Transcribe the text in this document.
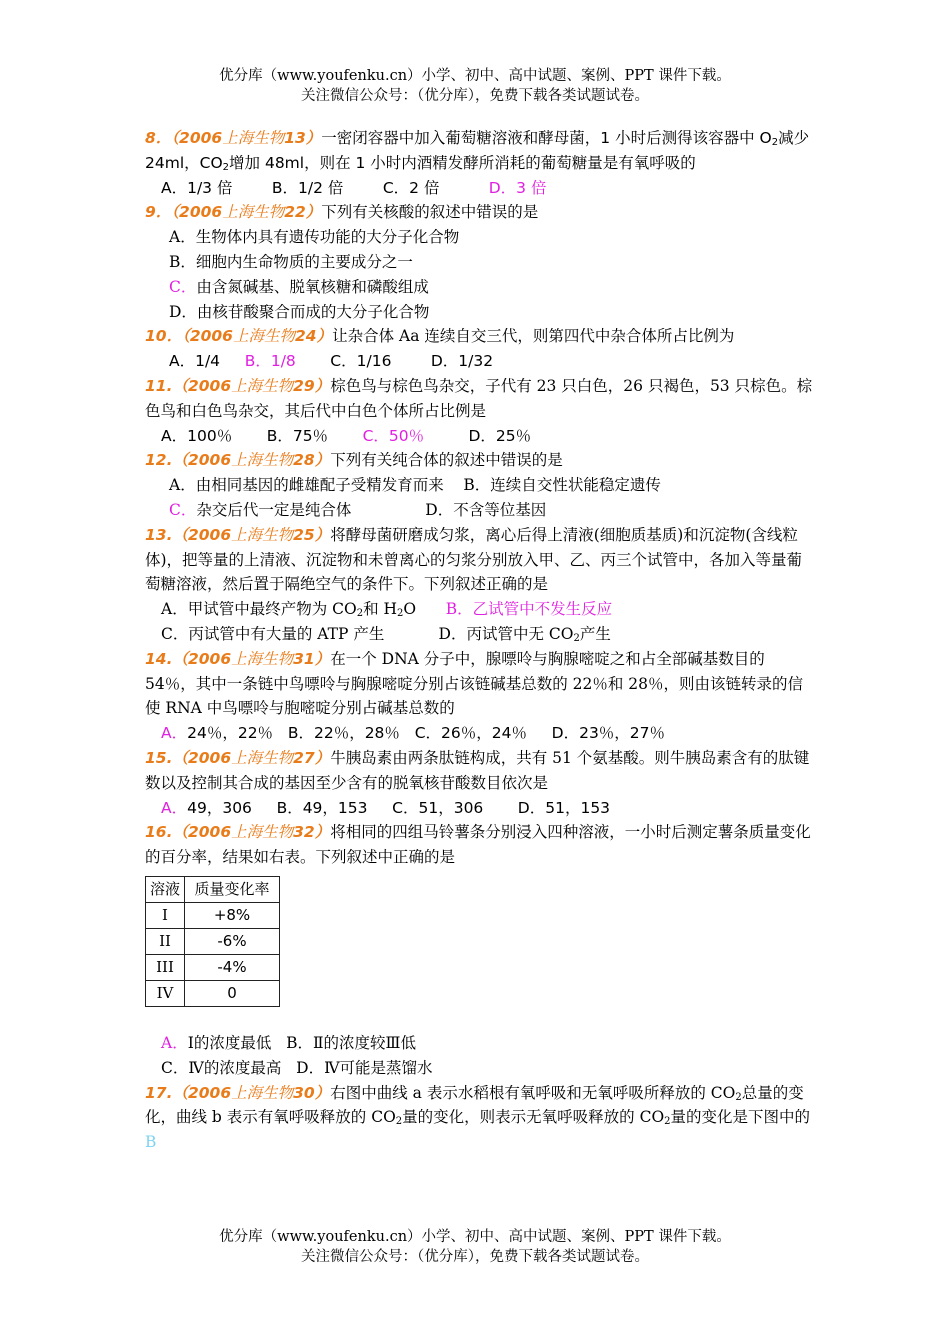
优分库（www.youfenku.cn）小学、初中、高中试题、案例、PPT 课件下载。
关注微信公众号：（优分库），免费下载各类试题试卷。

8．（2006上海生物13）一密闭容器中加入葡萄糖溶液和酵母菌，1 小时后测得该容器中 $O_2$减少 24ml，$CO_2$增加 48ml，则在 1 小时内酒精发酵所消耗的葡萄糖量是有氧呼吸的

A．1/3 倍	B．1/2 倍	C．2 倍	D．3 倍

9．（2006上海生物22）下列有关核酸的叙述中错误的是

A．生物体内具有遗传功能的大分子化合物

B．细胞内生命物质的主要成分之一

C．由含氮碱基、脱氧核糖和磷酸组成

D．由核苷酸聚合而成的大分子化合物

10．（2006上海生物24）让杂合体 Aa 连续自交三代，则第四代中杂合体所占比例为

A．1/4 B．1/8 C．1/16	D．1/32

11.（2006上海生物29）棕色鸟与棕色鸟杂交，子代有 23 只白色，26 只褐色，53 只棕色。棕色鸟和白色鸟杂交，其后代中白色个体所占比例是

A．100％ B．75％ C．50％	D．25％

12.（2006上海生物28）下列有关纯合体的叙述中错误的是

A．由相同基因的雌雄配子受精发育而来 B．连续自交性状能稳定遗传

C．杂交后代一定是纯合体	D．不含等位基因

13.（2006上海生物25）将酵母菌研磨成匀浆，离心后得上清液(细胞质基质)和沉淀物(含线粒体)，把等量的上清液、沉淀物和未曾离心的匀浆分别放入甲、乙、丙三个试管中，各加入等量葡萄糖溶液，然后置于隔绝空气的条件下。下列叙述正确的是

A．甲试管中最终产物为 $CO_2$和 $H_2O$ B．乙试管中不发生反应

C．丙试管中有大量的 ATP 产生	D．丙试管中无 $CO_2$产生

14.（2006上海生物31）在一个 DNA 分子中，腺嘌呤与胸腺嘧啶之和占全部碱基数目的 54％，其中一条链中鸟嘌呤与胸腺嘧啶分别占该链碱基总数的 22％和 28％，则由该链转录的信使 RNA 中鸟嘌呤与胞嘧啶分别占碱基总数的

A．24％，22％ B．22％，28％ C．26％，24％ D．23％，27％

15.（2006上海生物27）牛胰岛素由两条肽链构成，共有 51 个氨基酸。则牛胰岛素含有的肽键数以及控制其合成的基因至少含有的脱氧核苷酸数目依次是

A．49，306 B．49，153 C．51，306 D．51，153

16.（2006上海生物32）将相同的四组马铃薯条分别浸入四种溶液，一小时后测定薯条质量变化的百分率，结果如右表。下列叙述中正确的是

溶液	质量变化率
I	+8%
II	-6%
III	-4%
IV	0

A．Ⅰ的浓度最低 B．Ⅱ的浓度较Ⅲ低

C．Ⅳ的浓度最高 D．Ⅳ可能是蒸馏水

17.（2006上海生物30）右图中曲线 a 表示水稻根有氧呼吸和无氧呼吸所释放的 $CO_2$总量的变化，曲线 b 表示有氧呼吸释放的 $CO_2$量的变化，则表示无氧呼吸释放的 $CO_2$量的变化是下图中的B

优分库（www.youfenku.cn）小学、初中、高中试题、案例、PPT 课件下载。
关注微信公众号：（优分库），免费下载各类试题试卷。
